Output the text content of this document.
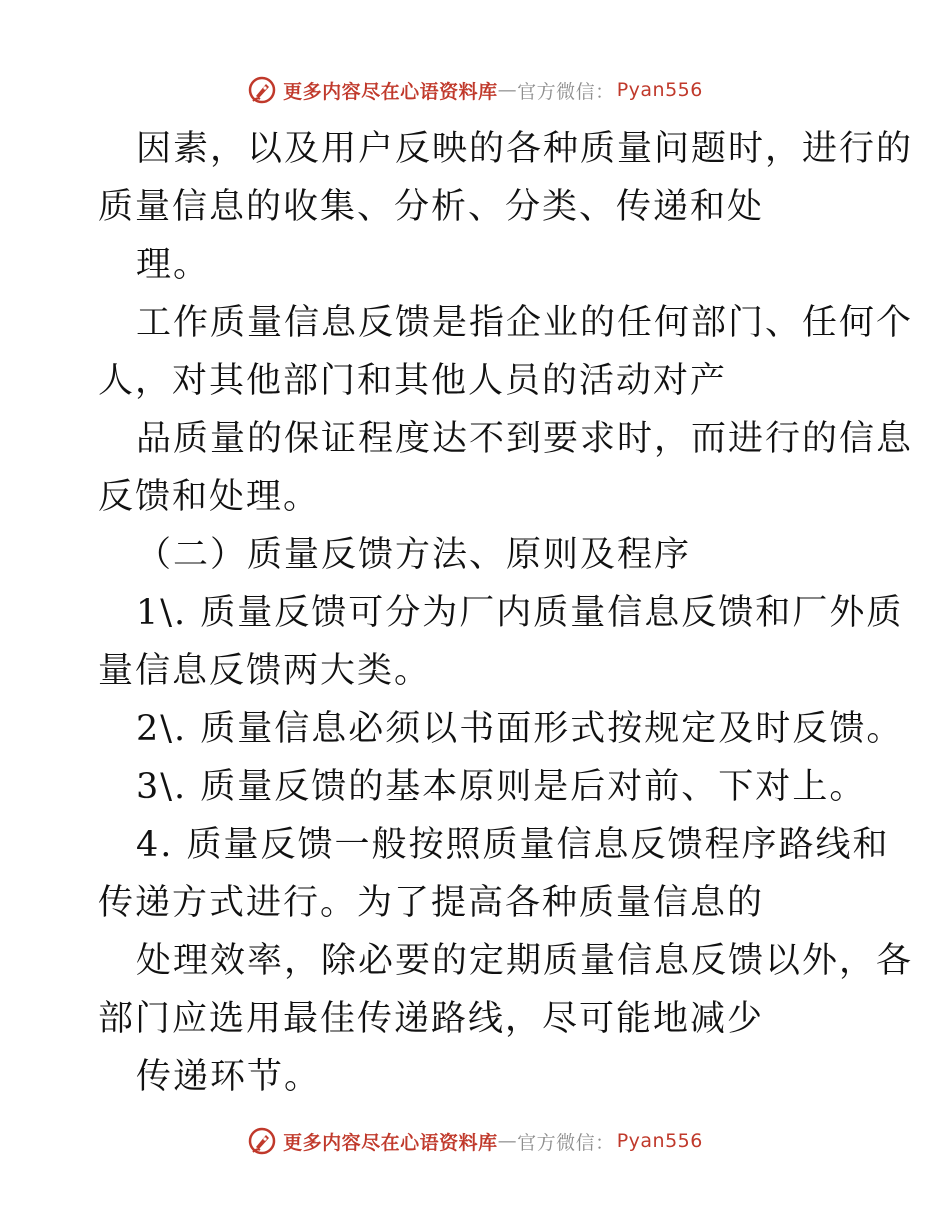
更多内容尽在心语资料库 — 官方微信： Pyan556
因素，以及用户反映的各种质量问题时，进行的
质量信息的收集、分析、分类、传递和处
理。
工作质量信息反馈是指企业的任何部门、任何个
人，对其他部门和其他人员的活动对产
品质量的保证程度达不到要求时，而进行的信息
反馈和处理。
（二）质量反馈方法、原则及程序
1\. 质量反馈可分为厂内质量信息反馈和厂外质
量信息反馈两大类。
2\. 质量信息必须以书面形式按规定及时反馈。
3\. 质量反馈的基本原则是后对前、下对上。
4. 质量反馈一般按照质量信息反馈程序路线和
传递方式进行。为了提高各种质量信息的
处理效率，除必要的定期质量信息反馈以外，各
部门应选用最佳传递路线，尽可能地减少
传递环节。
更多内容尽在心语资料库 — 官方微信： Pyan556
